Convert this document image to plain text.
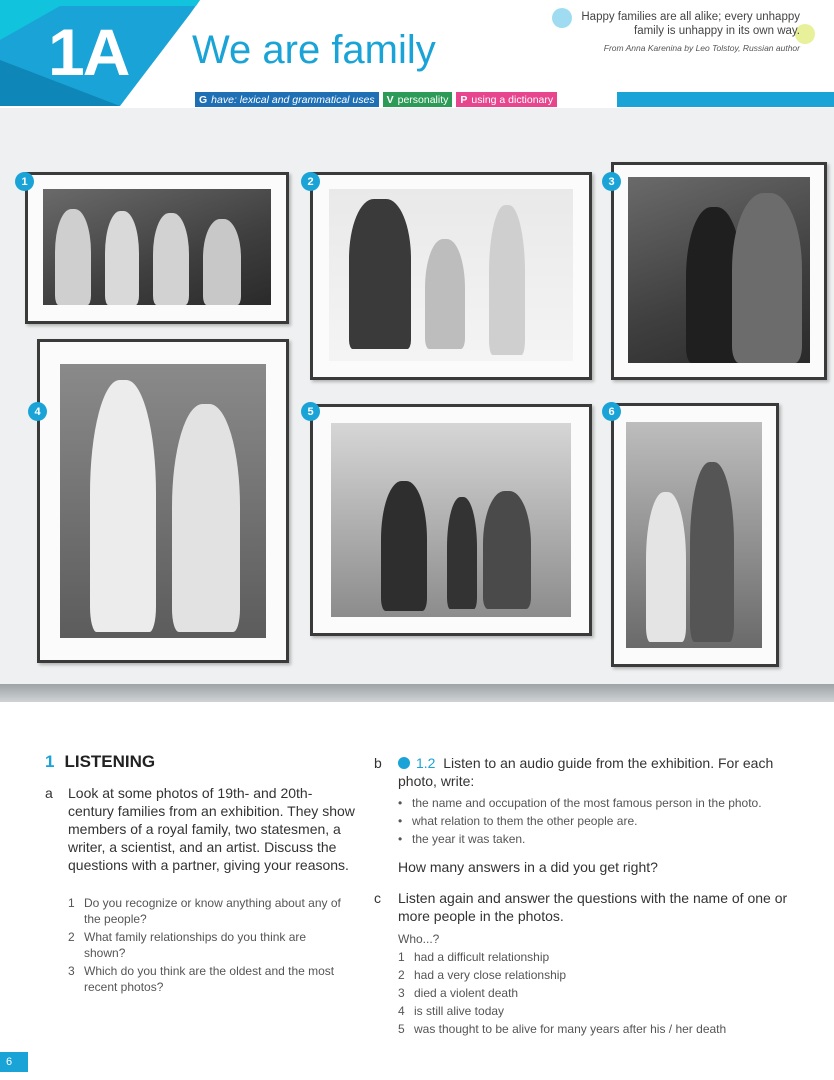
1A We are family
Happy families are all alike; every unhappy
family is unhappy in its own way.
From Anna Karenina by Leo Tolstoy, Russian author
G have: lexical and grammatical uses V personality P using a dictionary
1	2	3
4	5	6
1 LISTENING
a Look at some photos of 19th- and 20th-century families from an exhibition. They show members of a royal family, two statesmen, a writer, a scientist, and an artist. Discuss the questions with a partner, giving your reasons.
1 Do you recognize or know anything about any of the people?
2 What family relationships do you think are shown?
3 Which do you think are the oldest and the most recent photos?
b	1.2 Listen to an audio guide from the exhibition. For each photo, write:
• the name and occupation of the most famous person in the photo.
• what relation to them the other people are.
• the year it was taken.
How many answers in a did you get right?
c Listen again and answer the questions with the name of one or more people in the photos.
Who...?
1 had a difficult relationship
2 had a very close relationship
3 died a violent death
4 is still alive today
5 was thought to be alive for many years after his / her death
6
